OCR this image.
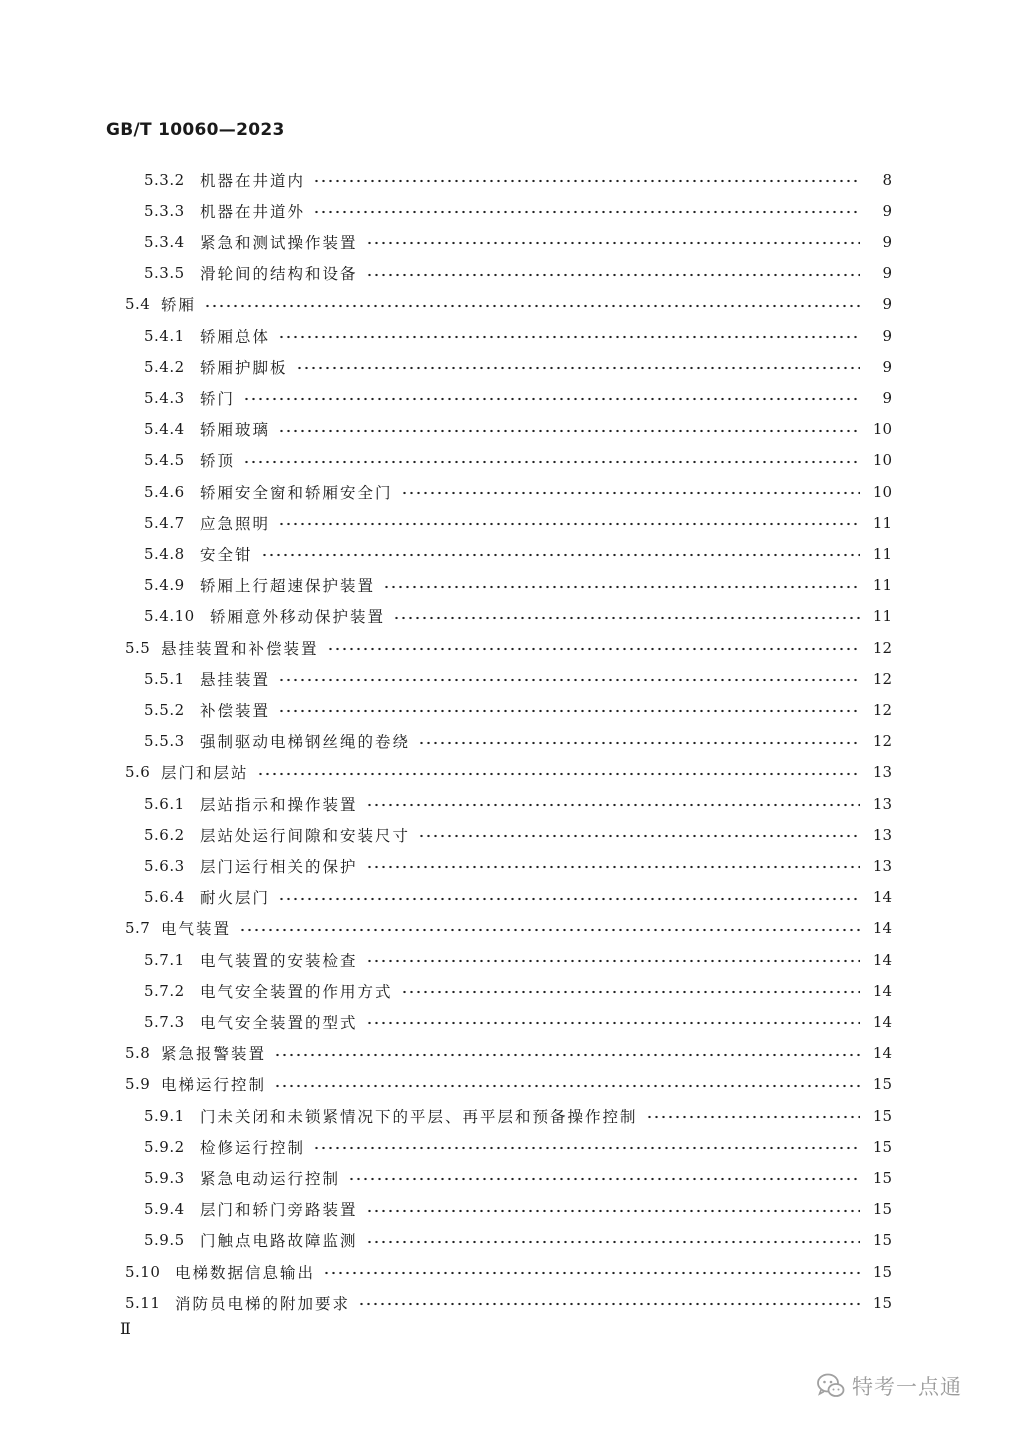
GB/T 10060—2023
5.3.2 机器在井道内	8
5.3.3 机器在井道外	9
5.3.4 紧急和测试操作装置	9
5.3.5 滑轮间的结构和设备	9
5.4 轿厢	9
5.4.1 轿厢总体	9
5.4.2 轿厢护脚板	9
5.4.3 轿门	9
5.4.4 轿厢玻璃	10
5.4.5 轿顶	10
5.4.6 轿厢安全窗和轿厢安全门	10
5.4.7 应急照明	11
5.4.8 安全钳	11
5.4.9 轿厢上行超速保护装置	11
5.4.10 轿厢意外移动保护装置	11
5.5 悬挂装置和补偿装置	12
5.5.1 悬挂装置	12
5.5.2 补偿装置	12
5.5.3 强制驱动电梯钢丝绳的卷绕	12
5.6 层门和层站	13
5.6.1 层站指示和操作装置	13
5.6.2 层站处运行间隙和安装尺寸	13
5.6.3 层门运行相关的保护	13
5.6.4 耐火层门	14
5.7 电气装置	14
5.7.1 电气装置的安装检查	14
5.7.2 电气安全装置的作用方式	14
5.7.3 电气安全装置的型式	14
5.8 紧急报警装置	14
5.9 电梯运行控制	15
5.9.1 门未关闭和未锁紧情况下的平层、再平层和预备操作控制	15
5.9.2 检修运行控制	15
5.9.3 紧急电动运行控制	15
5.9.4 层门和轿门旁路装置	15
5.9.5 门触点电路故障监测	15
5.10 电梯数据信息输出	15
5.11 消防员电梯的附加要求	15
Ⅱ
特考一点通
